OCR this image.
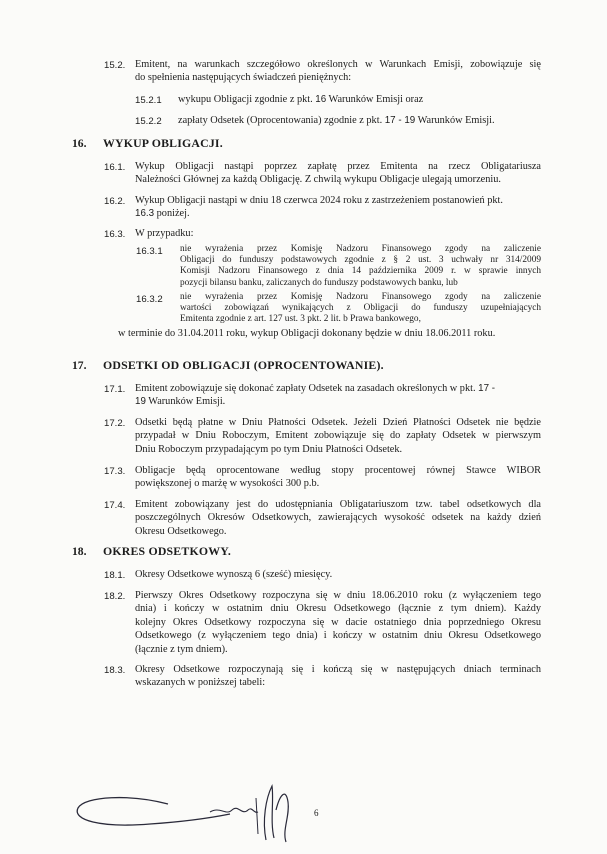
15.2. Emitent, na warunkach szczegółowo określonych w Warunkach Emisji, zobowiązuje się
do spełnienia następujących świadczeń pieniężnych:
15.2.1 wykupu Obligacji zgodnie z pkt. 16 Warunków Emisji oraz
15.2.2 zapłaty Odsetek (Oprocentowania) zgodnie z pkt. 17 - 19 Warunków Emisji.
16. WYKUP OBLIGACJI.
16.1. Wykup Obligacji nastąpi poprzez zapłatę przez Emitenta na rzecz Obligatariusza
Należności Głównej za każdą Obligację. Z chwilą wykupu Obligacje ulegają umorzeniu.
16.2. Wykup Obligacji nastąpi w dniu 18 czerwca 2024 roku z zastrzeżeniem postanowień pkt.
16.3 poniżej.
16.3. W przypadku:
16.3.1 nie wyrażenia przez Komisję Nadzoru Finansowego zgody na zaliczenie
Obligacji do funduszy podstawowych zgodnie z § 2 ust. 3 uchwały nr 314/2009
Komisji Nadzoru Finansowego z dnia 14 października 2009 r. w sprawie innych
pozycji bilansu banku, zaliczanych do funduszy podstawowych banku, lub
16.3.2 nie wyrażenia przez Komisję Nadzoru Finansowego zgody na zaliczenie
wartości zobowiązań wynikających z Obligacji do funduszy uzupełniających
Emitenta zgodnie z art. 127 ust. 3 pkt. 2 lit. b Prawa bankowego,
w terminie do 31.04.2011 roku, wykup Obligacji dokonany będzie w dniu 18.06.2011 roku.
17. ODSETKI OD OBLIGACJI (OPROCENTOWANIE).
17.1. Emitent zobowiązuje się dokonać zapłaty Odsetek na zasadach określonych w pkt. 17 -
19 Warunków Emisji.
17.2. Odsetki będą płatne w Dniu Płatności Odsetek. Jeżeli Dzień Płatności Odsetek nie będzie
przypadał w Dniu Roboczym, Emitent zobowiązuje się do zapłaty Odsetek w pierwszym
Dniu Roboczym przypadającym po tym Dniu Płatności Odsetek.
17.3. Obligacje będą oprocentowane według stopy procentowej równej Stawce WIBOR
powiększonej o marżę w wysokości 300 p.b.
17.4. Emitent zobowiązany jest do udostępniania Obligatariuszom tzw. tabel odsetkowych dla
poszczególnych Okresów Odsetkowych, zawierających wysokość odsetek na każdy dzień
Okresu Odsetkowego.
18. OKRES ODSETKOWY.
18.1. Okresy Odsetkowe wynoszą 6 (sześć) miesięcy.
18.2. Pierwszy Okres Odsetkowy rozpoczyna się w dniu 18.06.2010 roku (z wyłączeniem tego
dnia) i kończy w ostatnim dniu Okresu Odsetkowego (łącznie z tym dniem). Każdy
kolejny Okres Odsetkowy rozpoczyna się w dacie ostatniego dnia poprzedniego Okresu
Odsetkowego (z wyłączeniem tego dnia) i kończy w ostatnim dniu Okresu Odsetkowego
(łącznie z tym dniem).
18.3. Okresy Odsetkowe rozpoczynają się i kończą się w następujących dniach terminach
wskazanych w poniższej tabeli:
6
